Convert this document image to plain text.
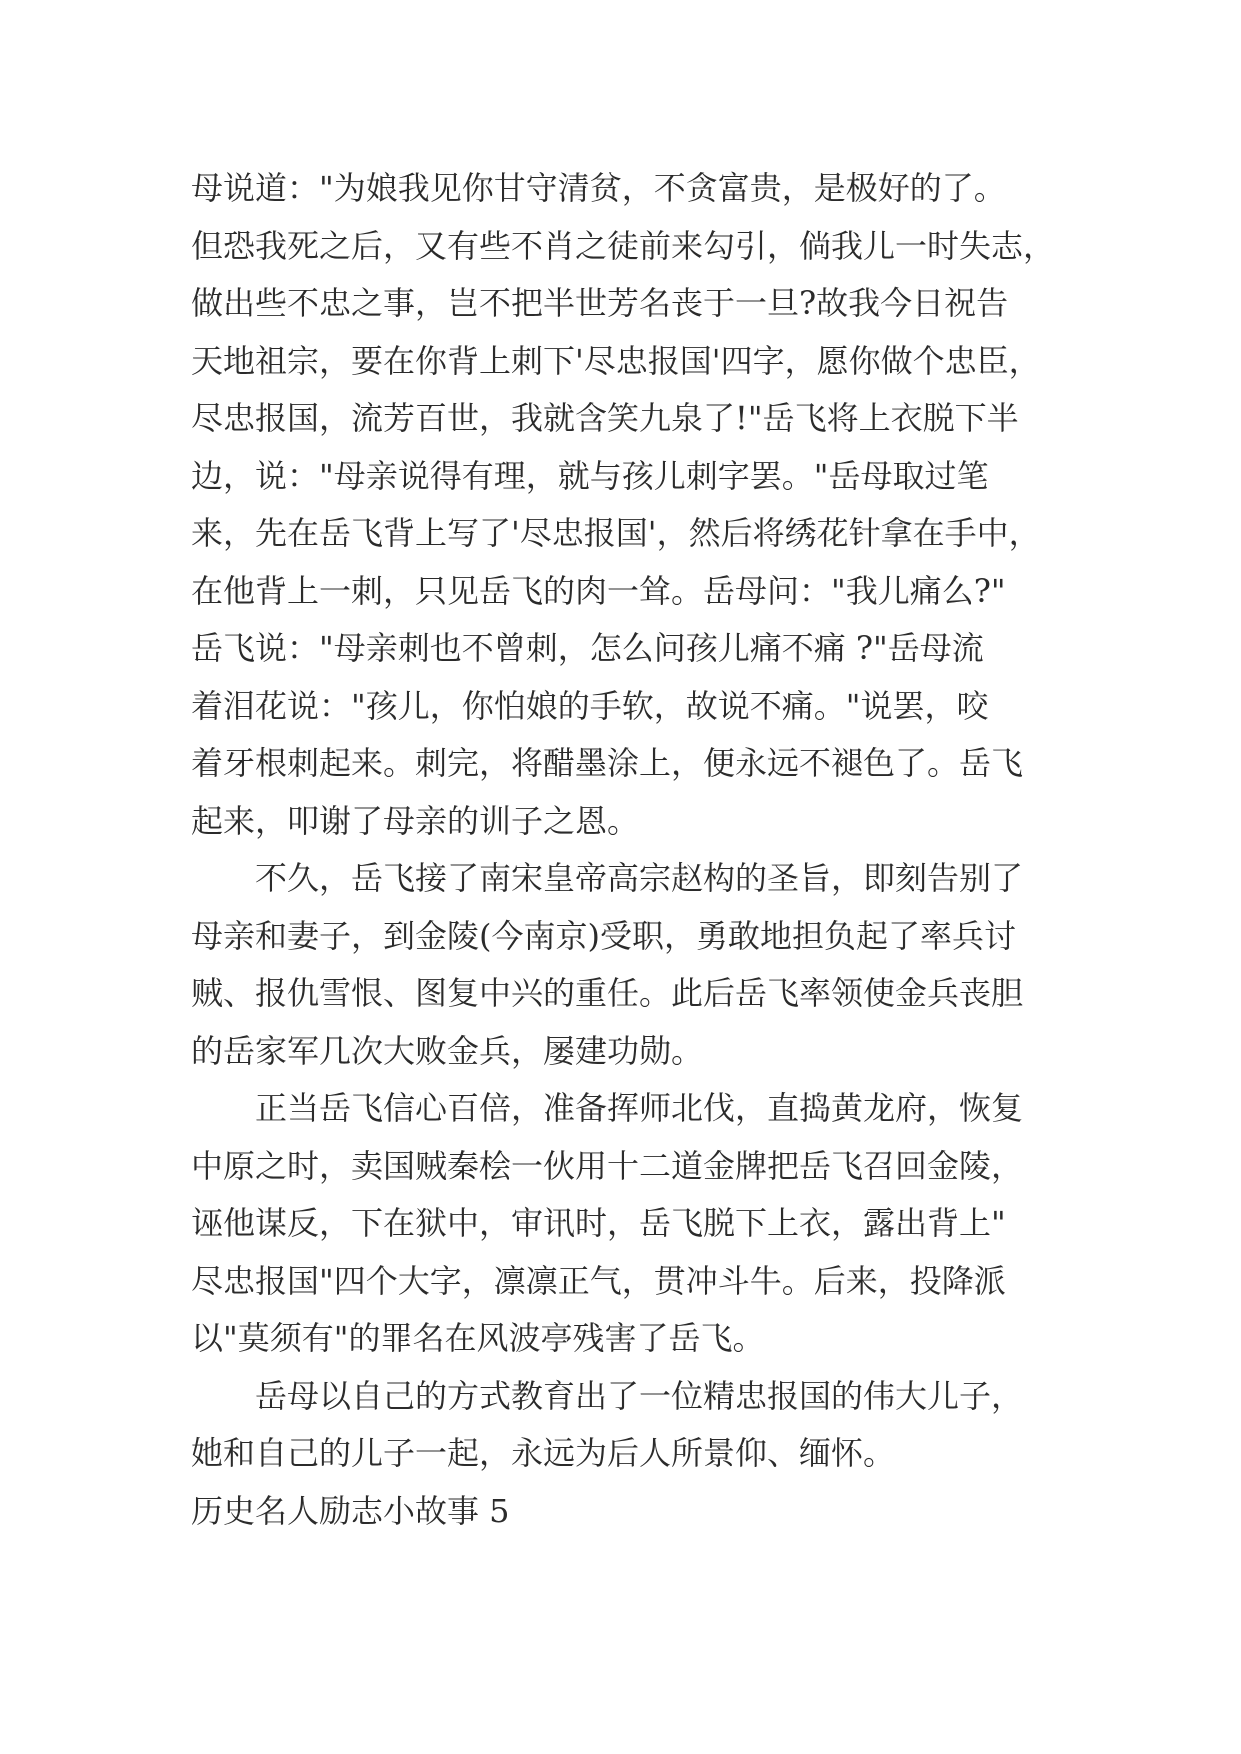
母说道："为娘我见你甘守清贫，不贪富贵，是极好的了。
但恐我死之后，又有些不肖之徒前来勾引，倘我儿一时失志，
做出些不忠之事，岂不把半世芳名丧于一旦?故我今日祝告
天地祖宗，要在你背上刺下'尽忠报国'四字，愿你做个忠臣，
尽忠报国，流芳百世，我就含笑九泉了!"岳飞将上衣脱下半
边，说："母亲说得有理，就与孩儿刺字罢。"岳母取过笔
来，先在岳飞背上写了'尽忠报国'，然后将绣花针拿在手中，
在他背上一刺，只见岳飞的肉一耸。岳母问："我儿痛么?"
岳飞说："母亲刺也不曾刺，怎么问孩儿痛不痛 ?"岳母流
着泪花说："孩儿，你怕娘的手软，故说不痛。"说罢，咬
着牙根刺起来。刺完，将醋墨涂上，便永远不褪色了。岳飞
起来，叩谢了母亲的训子之恩。
不久，岳飞接了南宋皇帝高宗赵构的圣旨，即刻告别了
母亲和妻子，到金陵(今南京)受职，勇敢地担负起了率兵讨
贼、报仇雪恨、图复中兴的重任。此后岳飞率领使金兵丧胆
的岳家军几次大败金兵，屡建功勋。
正当岳飞信心百倍，准备挥师北伐，直捣黄龙府，恢复
中原之时，卖国贼秦桧一伙用十二道金牌把岳飞召回金陵，
诬他谋反，下在狱中，审讯时，岳飞脱下上衣，露出背上"
尽忠报国"四个大字，凛凛正气，贯冲斗牛。后来，投降派
以"莫须有"的罪名在风波亭残害了岳飞。
岳母以自己的方式教育出了一位精忠报国的伟大儿子，
她和自己的儿子一起，永远为后人所景仰、缅怀。
历史名人励志小故事 5
